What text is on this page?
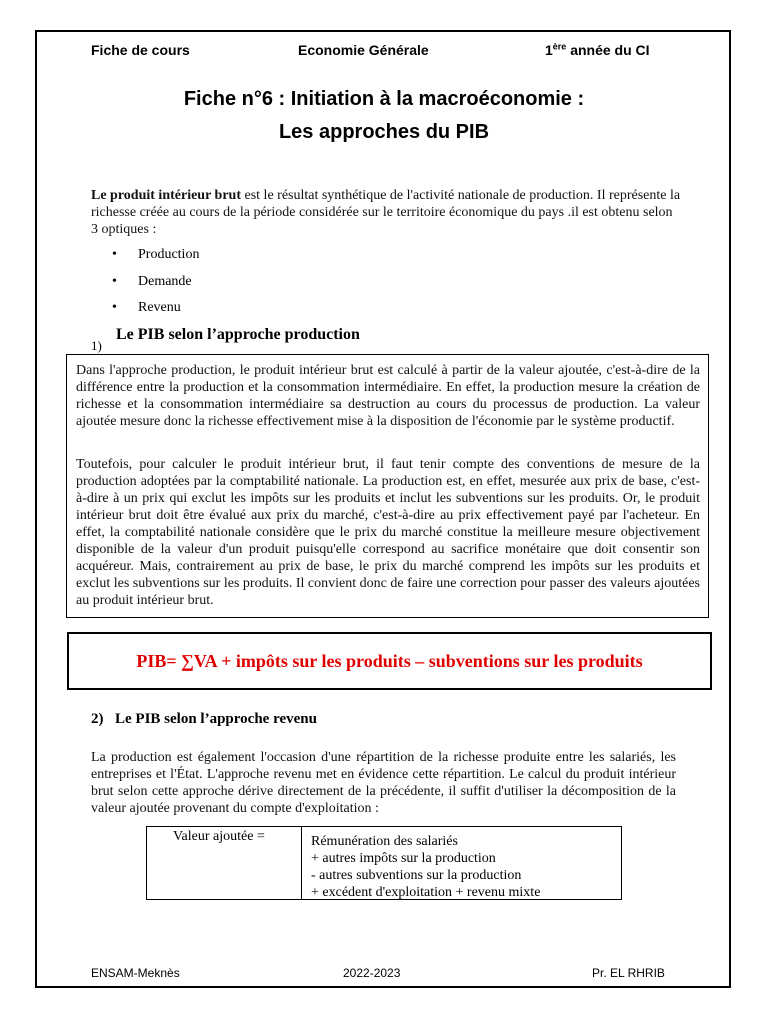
Fiche de cours	Economie Générale	1ère année du CI
Fiche n°6 : Initiation à la macroéconomie :
Les approches du PIB
Le produit intérieur brut est le résultat synthétique de l'activité nationale de production. Il représente la richesse créée au cours de la période considérée sur le territoire économique du pays .il est obtenu selon 3 optiques :
• Production
• Demande
• Revenu
1)
Le PIB selon l’approche production
Dans l'approche production, le produit intérieur brut est calculé à partir de la valeur ajoutée, c'est-à-dire de la différence entre la production et la consommation intermédiaire. En effet, la production mesure la création de richesse et la consommation intermédiaire sa destruction au cours du processus de production. La valeur ajoutée mesure donc la richesse effectivement mise à la disposition de l'économie par le système productif.
Toutefois, pour calculer le produit intérieur brut, il faut tenir compte des conventions de mesure de la production adoptées par la comptabilité nationale. La production est, en effet, mesurée aux prix de base, c'est-à-dire à un prix qui exclut les impôts sur les produits et inclut les subventions sur les produits. Or, le produit intérieur brut doit être évalué aux prix du marché, c'est-à-dire au prix effectivement payé par l'acheteur. En effet, la comptabilité nationale considère que le prix du marché constitue la meilleure mesure objectivement disponible de la valeur d'un produit puisqu'elle correspond au sacrifice monétaire que doit consentir son acquéreur. Mais, contrairement au prix de base, le prix du marché comprend les impôts sur les produits et exclut les subventions sur les produits. Il convient donc de faire une correction pour passer des valeurs ajoutées au produit intérieur brut.
PIB= ∑VA + impôts sur les produits – subventions sur les produits
2) Le PIB selon l’approche revenu
La production est également l'occasion d'une répartition de la richesse produite entre les salariés, les entreprises et l'État. L'approche revenu met en évidence cette répartition. Le calcul du produit intérieur brut selon cette approche dérive directement de la précédente, il suffit d'utiliser la décomposition de la valeur ajoutée provenant du compte d'exploitation :
Valeur ajoutée =	Rémunération des salariés
+ autres impôts sur la production
- autres subventions sur la production
+ excédent d'exploitation + revenu mixte
ENSAM-Meknès	2022-2023	Pr. EL RHRIB
